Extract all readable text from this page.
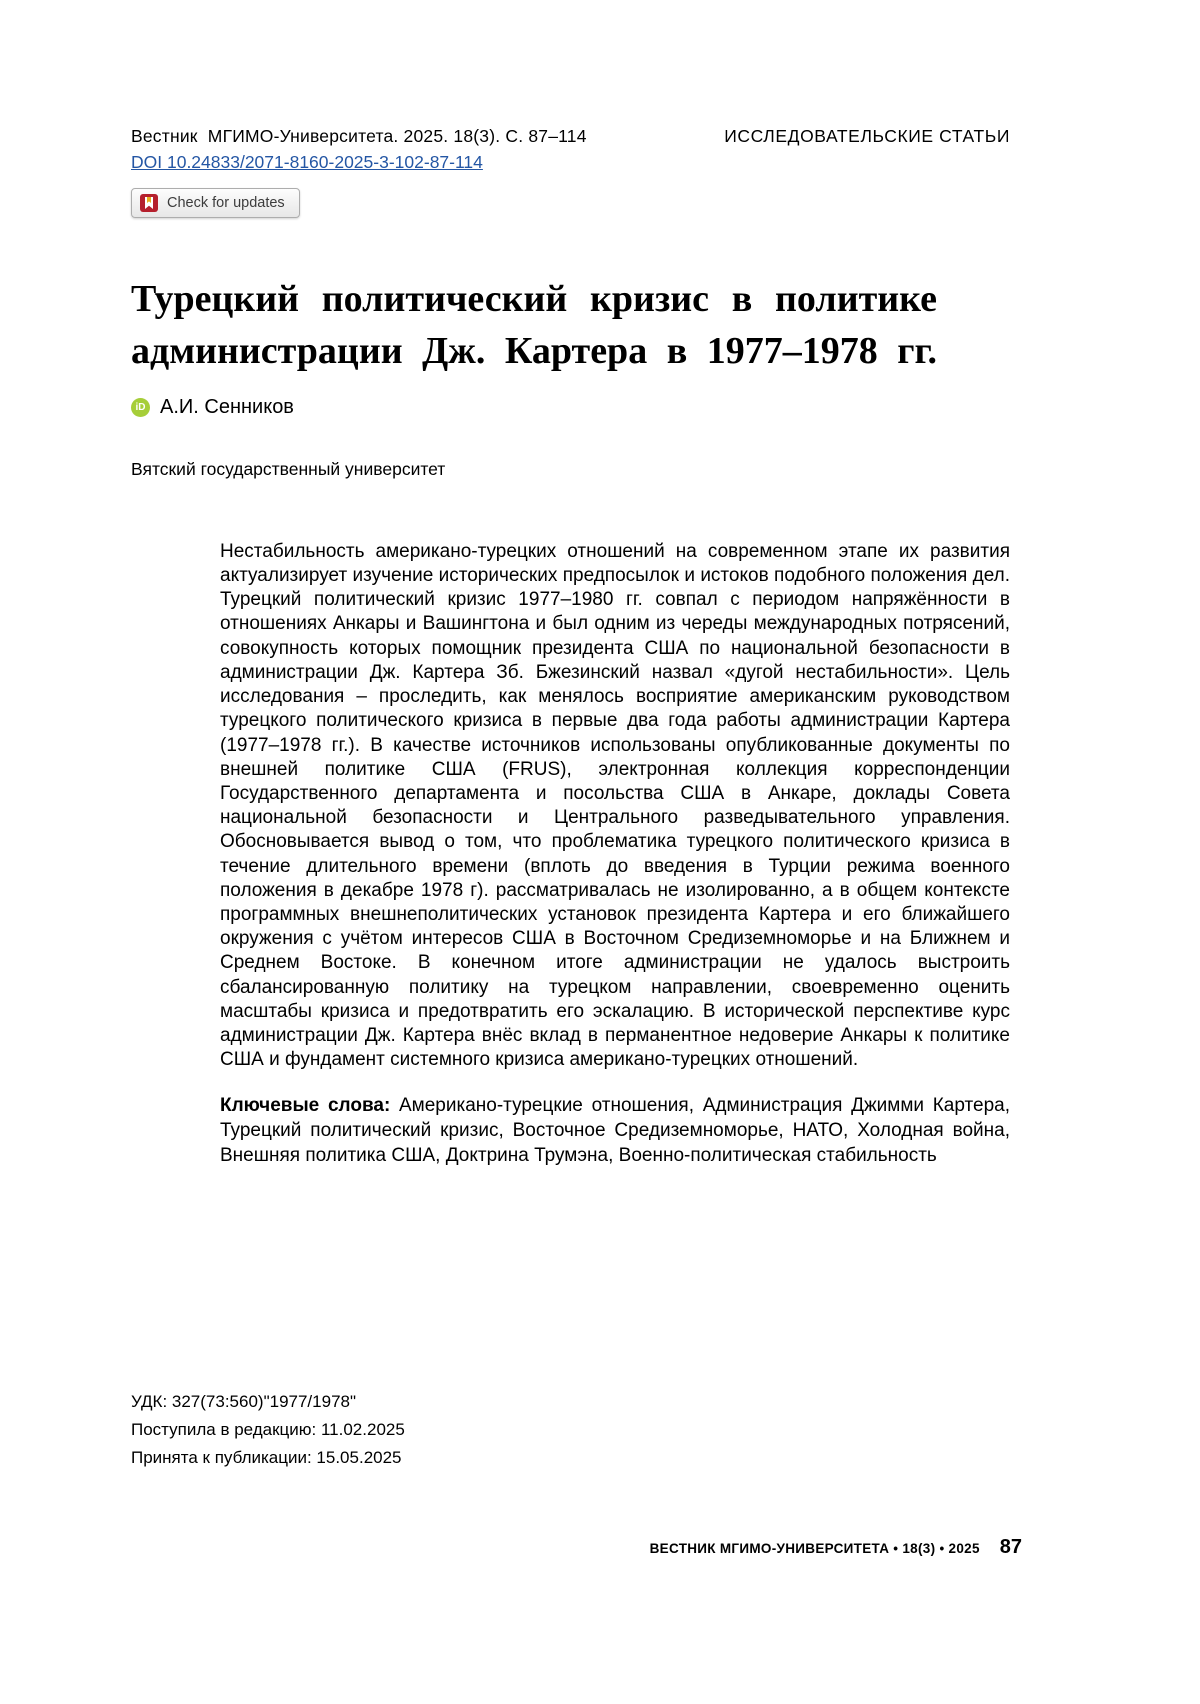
Вестник  МГИМО-Университета. 2025. 18(3). С. 87–114	ИССЛЕДОВАТЕЛЬСКИЕ СТАТЬИ
DOI 10.24833/2071-8160-2025-3-102-87-114
Check for updates
Турецкий политический кризис в политике администрации Дж. Картера в 1977–1978 гг.
iD А.И. Сенников
Вятский государственный университет

Нестабильность американо-турецких отношений на современном этапе их развития актуализирует изучение исторических предпосылок и истоков подобного положения дел. Турецкий политический кризис 1977–1980 гг. совпал с периодом напряжённости в отношениях Анкары и Вашингтона и был одним из череды международных потрясений, совокупность которых помощник президента США по национальной безопасности в администрации Дж. Картера Зб. Бжезинский назвал «дугой нестабильности». Цель исследования – проследить, как менялось восприятие американским руководством турецкого политического кризиса в первые два года работы администрации Картера (1977–1978 гг.). В качестве источников использованы опубликованные документы по внешней политике США (FRUS), электронная коллекция корреспонденции Государственного департамента и посольства США в Анкаре, доклады Совета национальной безопасности и Центрального разведывательного управления. Обосновывается вывод о том, что проблематика турецкого политического кризиса в течение длительного времени (вплоть до введения в Турции режима военного положения в декабре 1978 г). рассматривалась не изолированно, а в общем контексте программных внешнеполитических установок президента Картера и его ближайшего окружения с учётом интересов США в Восточном Средиземноморье и на Ближнем и Среднем Востоке. В конечном итоге администрации не удалось выстроить сбалансированную политику на турецком направлении, своевременно оценить масштабы кризиса и предотвратить его эскалацию. В исторической перспективе курс администрации Дж. Картера внёс вклад в перманентное недоверие Анкары к политике США и фундамент системного кризиса американо-турецких отношений.

Ключевые слова: Американо-турецкие отношения, Администрация Джимми Картера, Турецкий политический кризис, Восточное Средиземноморье, НАТО, Холодная война, Внешняя политика США, Доктрина Трумэна, Военно-политическая стабильность

УДК: 327(73:560)"1977/1978"
Поступила в редакцию: 11.02.2025
Принята к публикации: 15.05.2025
ВЕСТНИК МГИМО-УНИВЕРСИТЕТА • 18(3) • 2025 87
